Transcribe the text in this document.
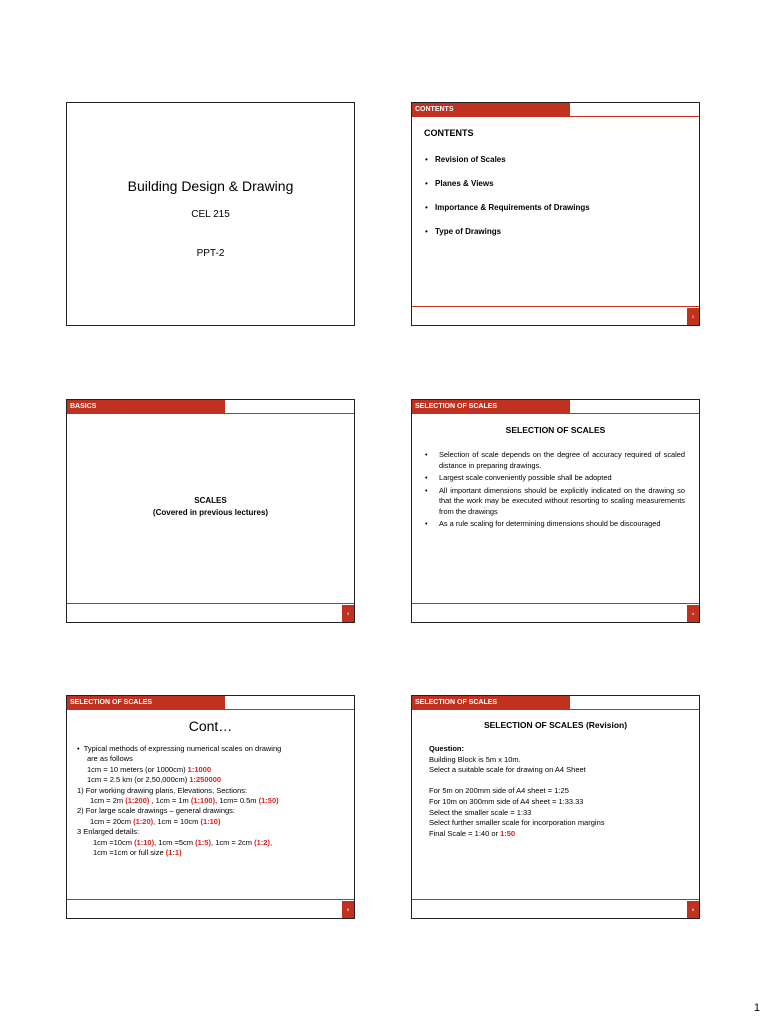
Building Design & Drawing
CEL 215
PPT-2
CONTENTS
CONTENTS
• Revision of Scales
• Planes & Views
• Importance & Requirements of Drawings
• Type of Drawings
2
BASICS
SCALES
(Covered in previous lectures)
3
SELECTION OF SCALES
SELECTION OF SCALES
• Selection of scale depends on the degree of accuracy required of scaled distance in preparing drawings.
• Largest scale conveniently possible shall be adopted
• All important dimensions should be explicitly indicated on the drawing so that the work may be executed without resorting to scaling measurements from the drawings
• As a rule scaling for determining dimensions should be discouraged
4
SELECTION OF SCALES
Cont…
• Typical methods of expressing numerical scales on drawing
are as follows
1cm = 10 meters (or 1000cm) 1:1000
1cm = 2.5 km (or 2,50,000cm) 1:250000
1) For working drawing plans, Elevations, Sections:
1cm = 2m (1:200) , 1cm = 1m (1:100), 1cm= 0.5m (1:50)
2) For large scale drawings – general drawings:
1cm = 20cm (1:20), 1cm = 10cm (1:10)
3 Enlarged details:
1cm =10cm (1:10), 1cm =5cm (1:5), 1cm = 2cm (1:2),
1cm =1cm or full size (1:1)
5
SELECTION OF SCALES
SELECTION OF SCALES (Revision)
Question:
Building Block is 5m x 10m.
Select a suitable scale for drawing on A4 Sheet
For 5m on 200mm side of A4 sheet = 1:25
For 10m on 300mm side of A4 sheet = 1:33.33
Select the smaller scale = 1:33
Select further smaller scale for incorporation margins
Final Scale = 1:40 or 1:50
6
1
